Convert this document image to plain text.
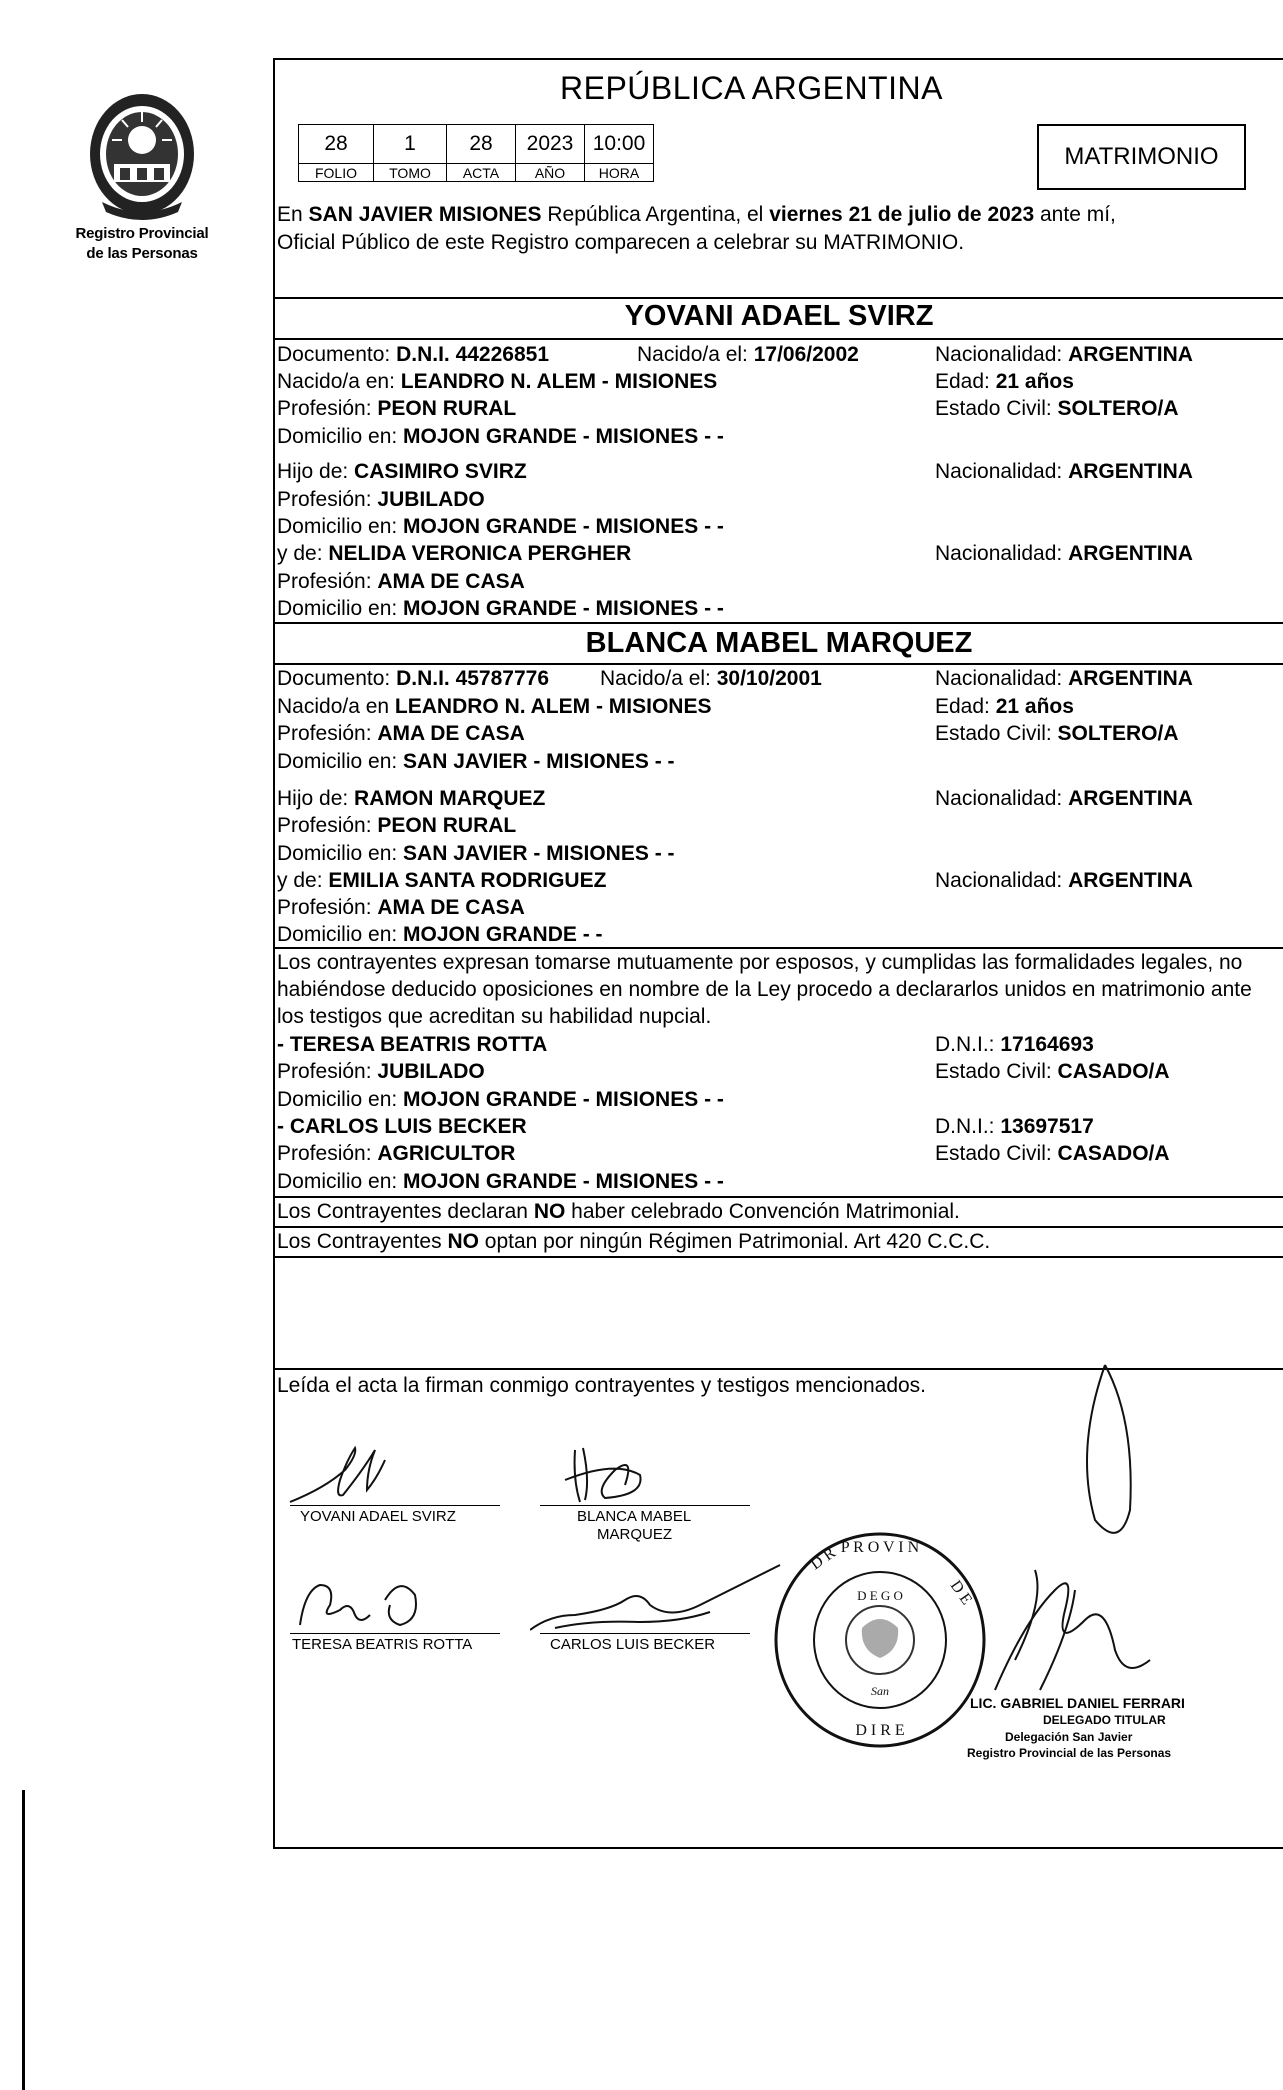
Registro Provincial
de las Personas
REPÚBLICA ARGENTINA
28	1	28	2023	10:00
FOLIO	TOMO	ACTA	AÑO	HORA
MATRIMONIO
En SAN JAVIER MISIONES República Argentina, el viernes 21 de julio de 2023 ante mí,
Oficial Público de este Registro comparecen a celebrar su MATRIMONIO.
YOVANI ADAEL SVIRZ
Documento: D.N.I. 44226851	Nacido/a el: 17/06/2002	Nacionalidad: ARGENTINA
Nacido/a en: LEANDRO N. ALEM - MISIONES	Edad: 21 años
Profesión: PEON RURAL	Estado Civil: SOLTERO/A
Domicilio en: MOJON GRANDE - MISIONES - -
Hijo de: CASIMIRO SVIRZ	Nacionalidad: ARGENTINA
Profesión: JUBILADO
Domicilio en: MOJON GRANDE - MISIONES - -
y de: NELIDA VERONICA PERGHER	Nacionalidad: ARGENTINA
Profesión: AMA DE CASA
Domicilio en: MOJON GRANDE - MISIONES - -
BLANCA MABEL MARQUEZ
Documento: D.N.I. 45787776 Nacido/a el: 30/10/2001	Nacionalidad: ARGENTINA
Nacido/a en LEANDRO N. ALEM - MISIONES	Edad: 21 años
Profesión: AMA DE CASA	Estado Civil: SOLTERO/A
Domicilio en: SAN JAVIER - MISIONES - -
Hijo de: RAMON MARQUEZ	Nacionalidad: ARGENTINA
Profesión: PEON RURAL
Domicilio en: SAN JAVIER - MISIONES - -
y de: EMILIA SANTA RODRIGUEZ	Nacionalidad: ARGENTINA
Profesión: AMA DE CASA
Domicilio en: MOJON GRANDE - -
Los contrayentes expresan tomarse mutuamente por esposos, y cumplidas las formalidades legales, no
habiéndose deducido oposiciones en nombre de la Ley procedo a declararlos unidos en matrimonio ante
los testigos que acreditan su habilidad nupcial.
- TERESA BEATRIS ROTTA	D.N.I.: 17164693
Profesión: JUBILADO	Estado Civil: CASADO/A
Domicilio en: MOJON GRANDE - MISIONES - -
- CARLOS LUIS BECKER	D.N.I.: 13697517
Profesión: AGRICULTOR	Estado Civil: CASADO/A
Domicilio en: MOJON GRANDE - MISIONES - -
Los Contrayentes declaran NO haber celebrado Convención Matrimonial.
Los Contrayentes NO optan por ningún Régimen Patrimonial. Art 420 C.C.C.
Leída el acta la firman conmigo contrayentes y testigos mencionados.
YOVANI ADAEL SVIRZ	BLANCA MABEL
MARQUEZ
TERESA BEATRIS ROTTA	CARLOS LUIS BECKER
D R P R O V I N
D E
D E G O
San
D I R E
LIC. GABRIEL DANIEL FERRARI
DELEGADO TITULAR
Delegación San Javier
Registro Provincial de las Personas
